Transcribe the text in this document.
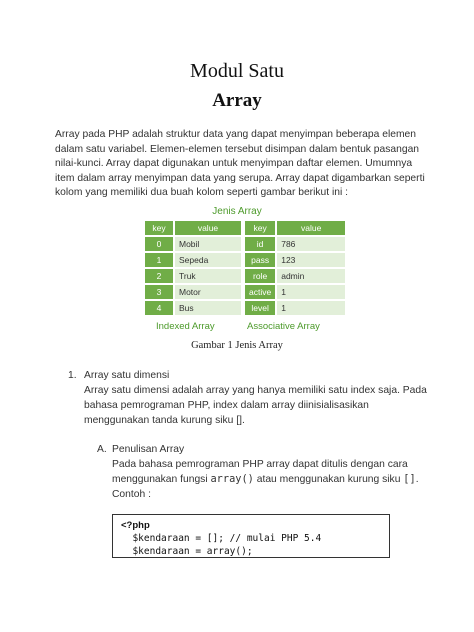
Modul Satu
Array
Array pada PHP adalah struktur data yang dapat menyimpan beberapa elemen
dalam satu variabel. Elemen-elemen tersebut disimpan dalam bentuk pasangan
nilai-kunci. Array dapat digunakan untuk menyimpan daftar elemen. Umumnya
item dalam array menyimpan data yang serupa. Array dapat digambarkan seperti
kolom yang memiliki dua buah kolom seperti gambar berikut ini :
Jenis Array
key	value
0	Mobil
1	Sepeda
2	Truk
3	Motor
4	Bus
key	value
id	786
pass	123
role	admin
active	1
level	1
Indexed Array	Associative Array
Gambar 1 Jenis Array
1. Array satu dimensi
Array satu dimensi adalah array yang hanya memiliki satu index saja. Pada
bahasa pemrograman PHP, index dalam array diinisialisasikan
menggunakan tanda kurung siku [].
A. Penulisan Array
Pada bahasa pemrograman PHP array dapat ditulis dengan cara
menggunakan fungsi array() atau menggunakan kurung siku [].
Contoh :
<?php
$kendaraan = []; // mulai PHP 5.4
$kendaraan = array();
